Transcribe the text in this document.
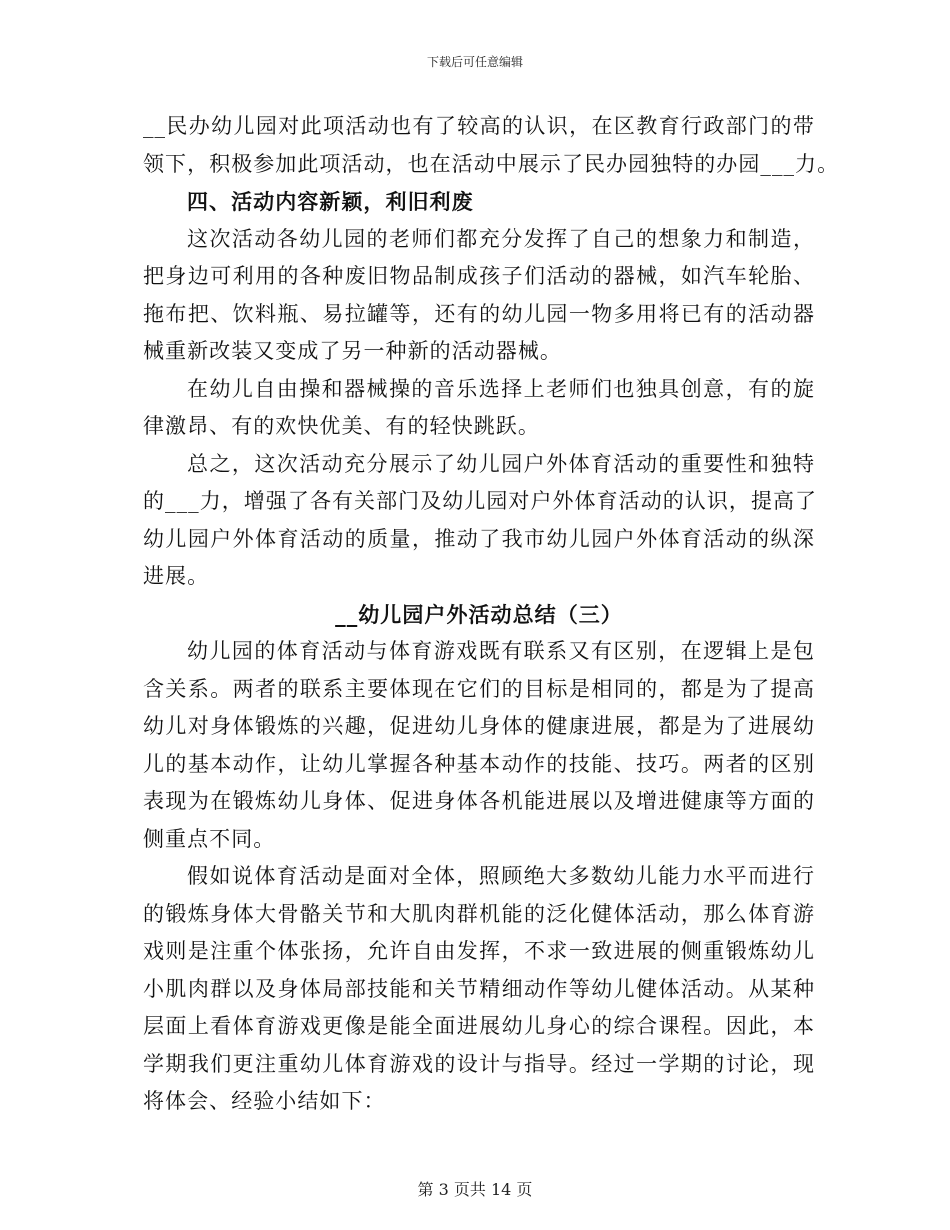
下载后可任意编辑
__民办幼儿园对此项活动也有了较高的认识，在区教育行政部门的带
领下，积极参加此项活动，也在活动中展示了民办园独特的办园___力。
四、活动内容新颖，利旧利废
这次活动各幼儿园的老师们都充分发挥了自己的想象力和制造，
把身边可利用的各种废旧物品制成孩子们活动的器械，如汽车轮胎、
拖布把、饮料瓶、易拉罐等，还有的幼儿园一物多用将已有的活动器
械重新改装又变成了另一种新的活动器械。
在幼儿自由操和器械操的音乐选择上老师们也独具创意，有的旋
律激昂、有的欢快优美、有的轻快跳跃。
总之，这次活动充分展示了幼儿园户外体育活动的重要性和独特
的___力，增强了各有关部门及幼儿园对户外体育活动的认识，提高了
幼儿园户外体育活动的质量，推动了我市幼儿园户外体育活动的纵深
进展。
__幼儿园户外活动总结（三）
幼儿园的体育活动与体育游戏既有联系又有区别，在逻辑上是包
含关系。两者的联系主要体现在它们的目标是相同的，都是为了提高
幼儿对身体锻炼的兴趣，促进幼儿身体的健康进展，都是为了进展幼
儿的基本动作，让幼儿掌握各种基本动作的技能、技巧。两者的区别
表现为在锻炼幼儿身体、促进身体各机能进展以及增进健康等方面的
侧重点不同。
假如说体育活动是面对全体，照顾绝大多数幼儿能力水平而进行
的锻炼身体大骨骼关节和大肌肉群机能的泛化健体活动，那么体育游
戏则是注重个体张扬，允许自由发挥，不求一致进展的侧重锻炼幼儿
小肌肉群以及身体局部技能和关节精细动作等幼儿健体活动。从某种
层面上看体育游戏更像是能全面进展幼儿身心的综合课程。因此，本
学期我们更注重幼儿体育游戏的设计与指导。经过一学期的讨论，现
将体会、经验小结如下：
第 3 页共 14 页
